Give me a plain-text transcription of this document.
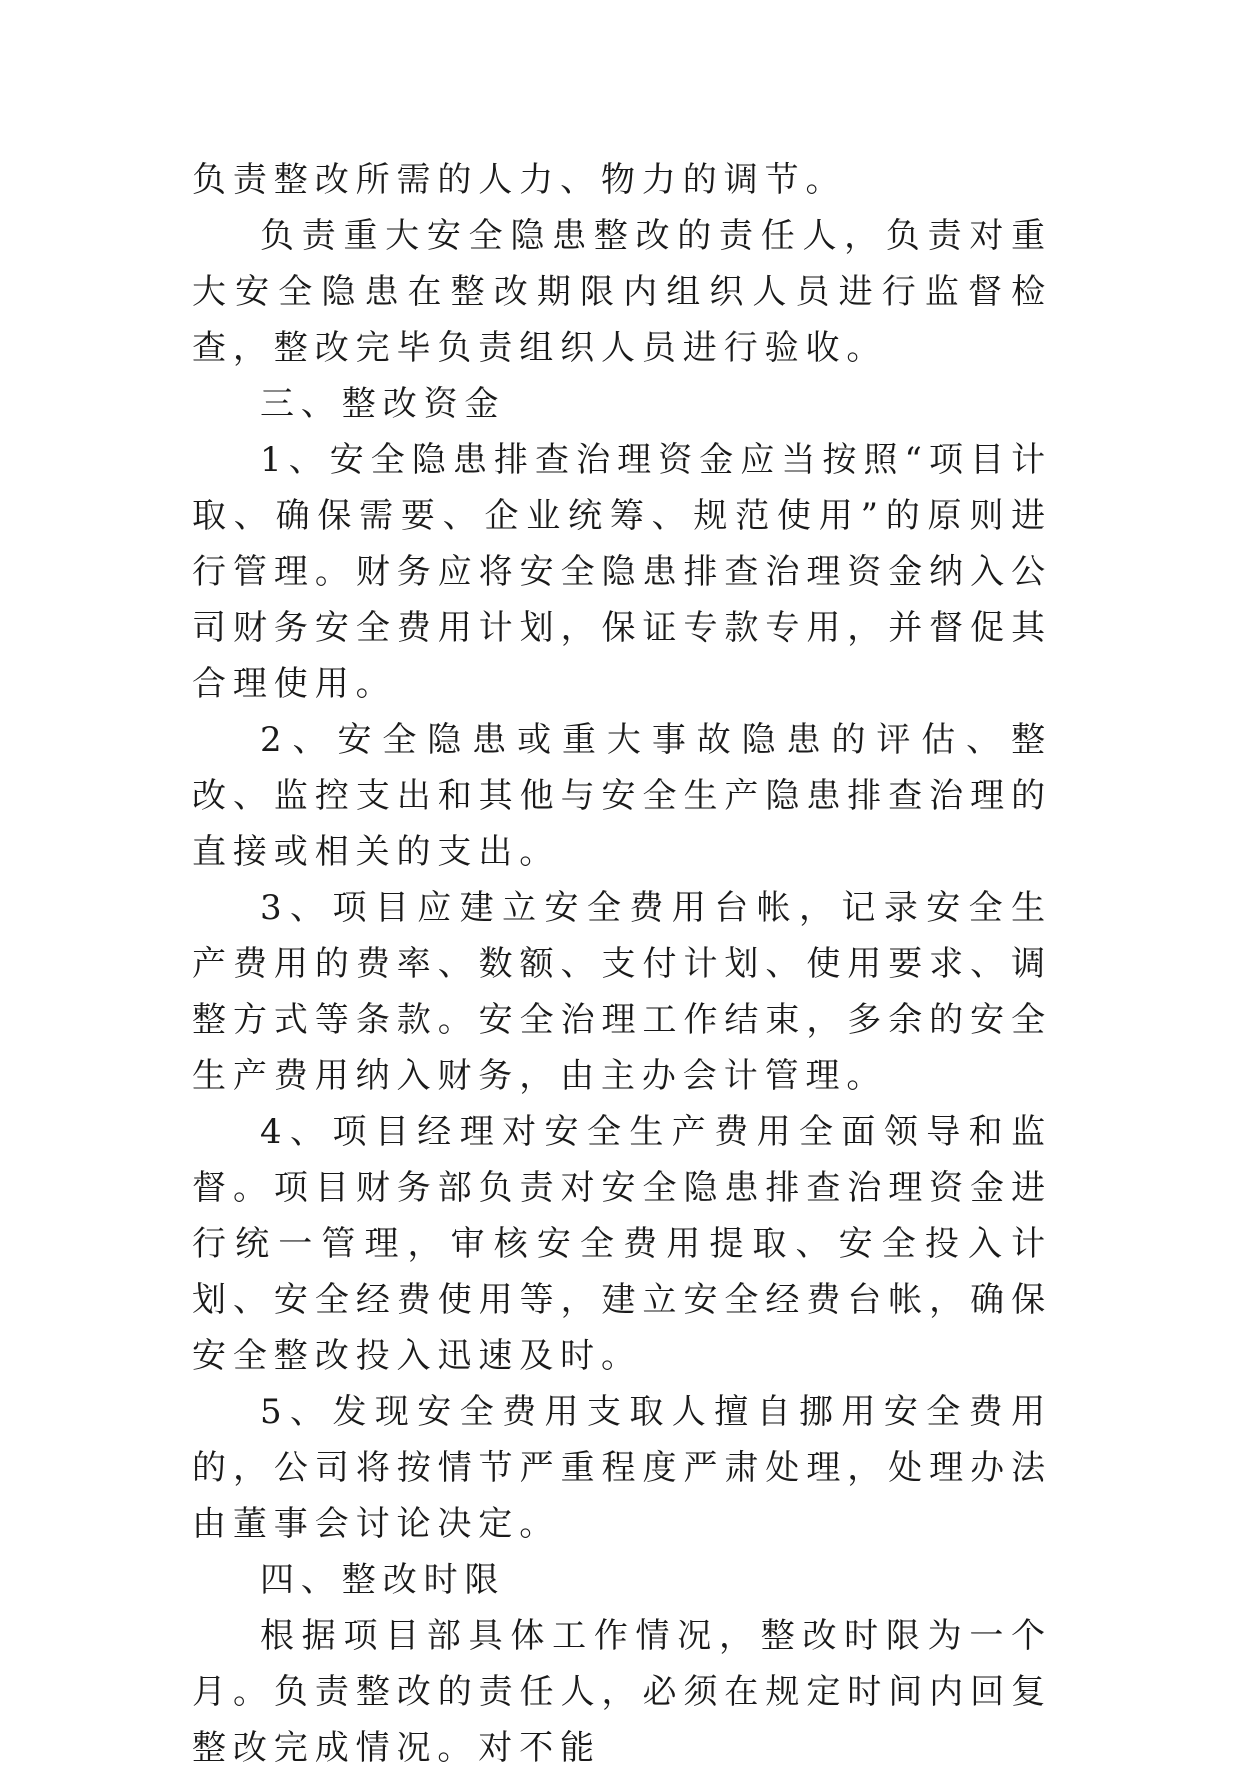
负责整改所需的人力、物力的调节。

负责重大安全隐患整改的责任人，负责对重大安全隐患在整改期限内组织人员进行监督检查，整改完毕负责组织人员进行验收。

三、整改资金

1、安全隐患排查治理资金应当按照“项目计取、确保需要、企业统筹、规范使用”的原则进行管理。财务应将安全隐患排查治理资金纳入公司财务安全费用计划，保证专款专用，并督促其合理使用。

2、安全隐患或重大事故隐患的评估、整改、监控支出和其他与安全生产隐患排查治理的直接或相关的支出。

3、项目应建立安全费用台帐，记录安全生产费用的费率、数额、支付计划、使用要求、调整方式等条款。安全治理工作结束，多余的安全生产费用纳入财务，由主办会计管理。

4、项目经理对安全生产费用全面领导和监督。项目财务部负责对安全隐患排查治理资金进行统一管理，审核安全费用提取、安全投入计划、安全经费使用等，建立安全经费台帐，确保安全整改投入迅速及时。

5、发现安全费用支取人擅自挪用安全费用的，公司将按情节严重程度严肃处理，处理办法由董事会讨论决定。

四、整改时限

根据项目部具体工作情况，整改时限为一个月。负责整改的责任人，必须在规定时间内回复整改完成情况。对不能
